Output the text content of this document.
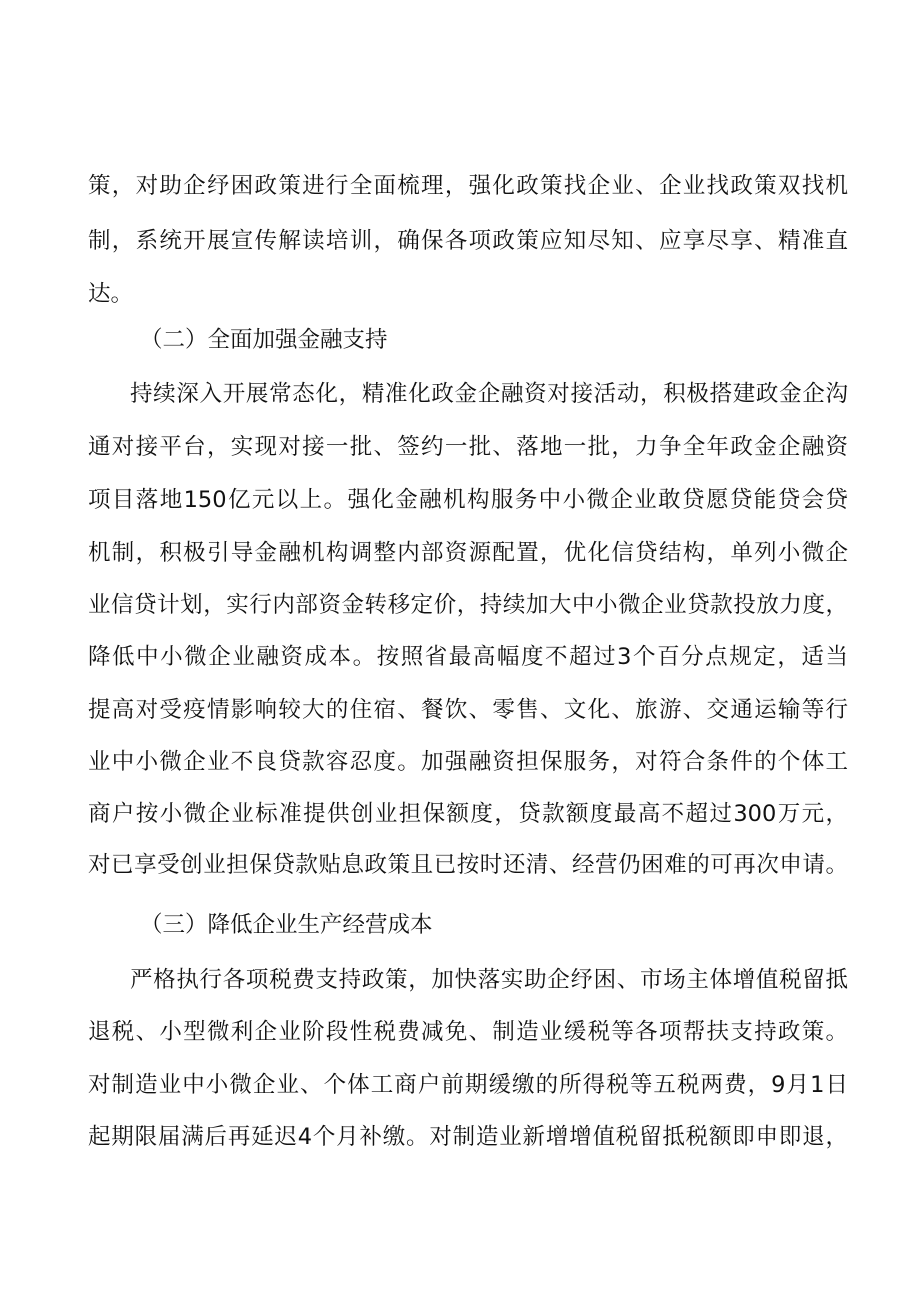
策，对助企纾困政策进行全面梳理，强化政策找企业、企业找政策双找机
制，系统开展宣传解读培训，确保各项政策应知尽知、应享尽享、精准直
达。
（二）全面加强金融支持
持续深入开展常态化，精准化政金企融资对接活动，积极搭建政金企沟
通对接平台，实现对接一批、签约一批、落地一批，力争全年政金企融资
项目落地150亿元以上。强化金融机构服务中小微企业敢贷愿贷能贷会贷
机制，积极引导金融机构调整内部资源配置，优化信贷结构，单列小微企
业信贷计划，实行内部资金转移定价，持续加大中小微企业贷款投放力度，
降低中小微企业融资成本。按照省最高幅度不超过3个百分点规定，适当
提高对受疫情影响较大的住宿、餐饮、零售、文化、旅游、交通运输等行
业中小微企业不良贷款容忍度。加强融资担保服务，对符合条件的个体工
商户按小微企业标准提供创业担保额度，贷款额度最高不超过300万元，
对已享受创业担保贷款贴息政策且已按时还清、经营仍困难的可再次申请。
（三）降低企业生产经营成本
严格执行各项税费支持政策，加快落实助企纾困、市场主体增值税留抵
退税、小型微利企业阶段性税费减免、制造业缓税等各项帮扶支持政策。
对制造业中小微企业、个体工商户前期缓缴的所得税等五税两费，9月1日
起期限届满后再延迟4个月补缴。对制造业新增增值税留抵税额即申即退，
